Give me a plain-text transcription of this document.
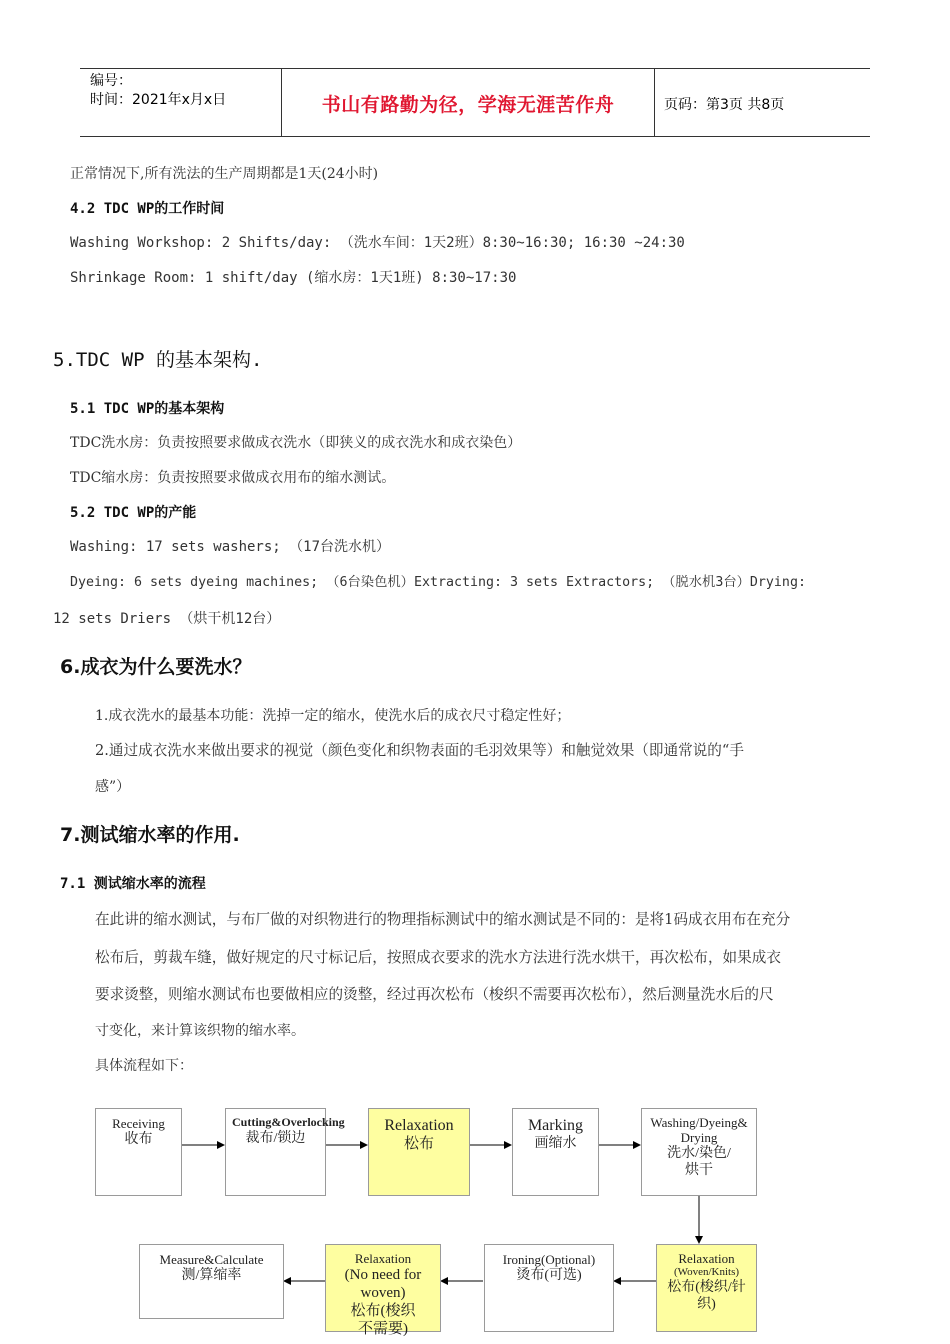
编号：
时间：2021年x月x日	书山有路勤为径，学海无涯苦作舟	页码：第3页 共8页
正常情况下,所有洗法的生产周期都是1天(24小时)
4.2 TDC WP的工作时间
Washing Workshop: 2 Shifts/day: （洗水车间：1天2班）8:30~16:30; 16:30 ~24:30
Shrinkage Room: 1 shift/day (缩水房：1天1班) 8:30~17:30
5.TDC WP 的基本架构.
5.1 TDC WP的基本架构
TDC洗水房：负责按照要求做成衣洗水（即狭义的成衣洗水和成衣染色）
TDC缩水房：负责按照要求做成衣用布的缩水测试。
5.2 TDC WP的产能
Washing: 17 sets washers; （17台洗水机）
Dyeing: 6 sets dyeing machines; （6台染色机）Extracting: 3 sets Extractors; （脱水机3台）Drying:
12 sets Driers （烘干机12台）
6.成衣为什么要洗水？
1.成衣洗水的最基本功能：洗掉一定的缩水，使洗水后的成衣尺寸稳定性好；
2.通过成衣洗水来做出要求的视觉（颜色变化和织物表面的毛羽效果等）和触觉效果（即通常说的“手
感”）
7.测试缩水率的作用.
7.1 测试缩水率的流程
在此讲的缩水测试，与布厂做的对织物进行的物理指标测试中的缩水测试是不同的：是将1码成衣用布在充分
松布后，剪裁车缝，做好规定的尺寸标记后，按照成衣要求的洗水方法进行洗水烘干，再次松布，如果成衣
要求烫整，则缩水测试布也要做相应的烫整，经过再次松布（梭织不需要再次松布），然后测量洗水后的尺
寸变化，来计算该织物的缩水率。
具体流程如下：
Receiving
收布
Cutting&Overlocking
裁布/锁边
Relaxation
松布
Marking
画缩水
Washing/Dyeing&Drying
洗水/染色/烘干
Relaxation
(Woven/Knits)
松布(梭织/针织)
Ironing(Optional)
烫布(可选)
Relaxation
(No need for woven)
松布(梭织不需要)
Measure&Calculate
测/算缩率
